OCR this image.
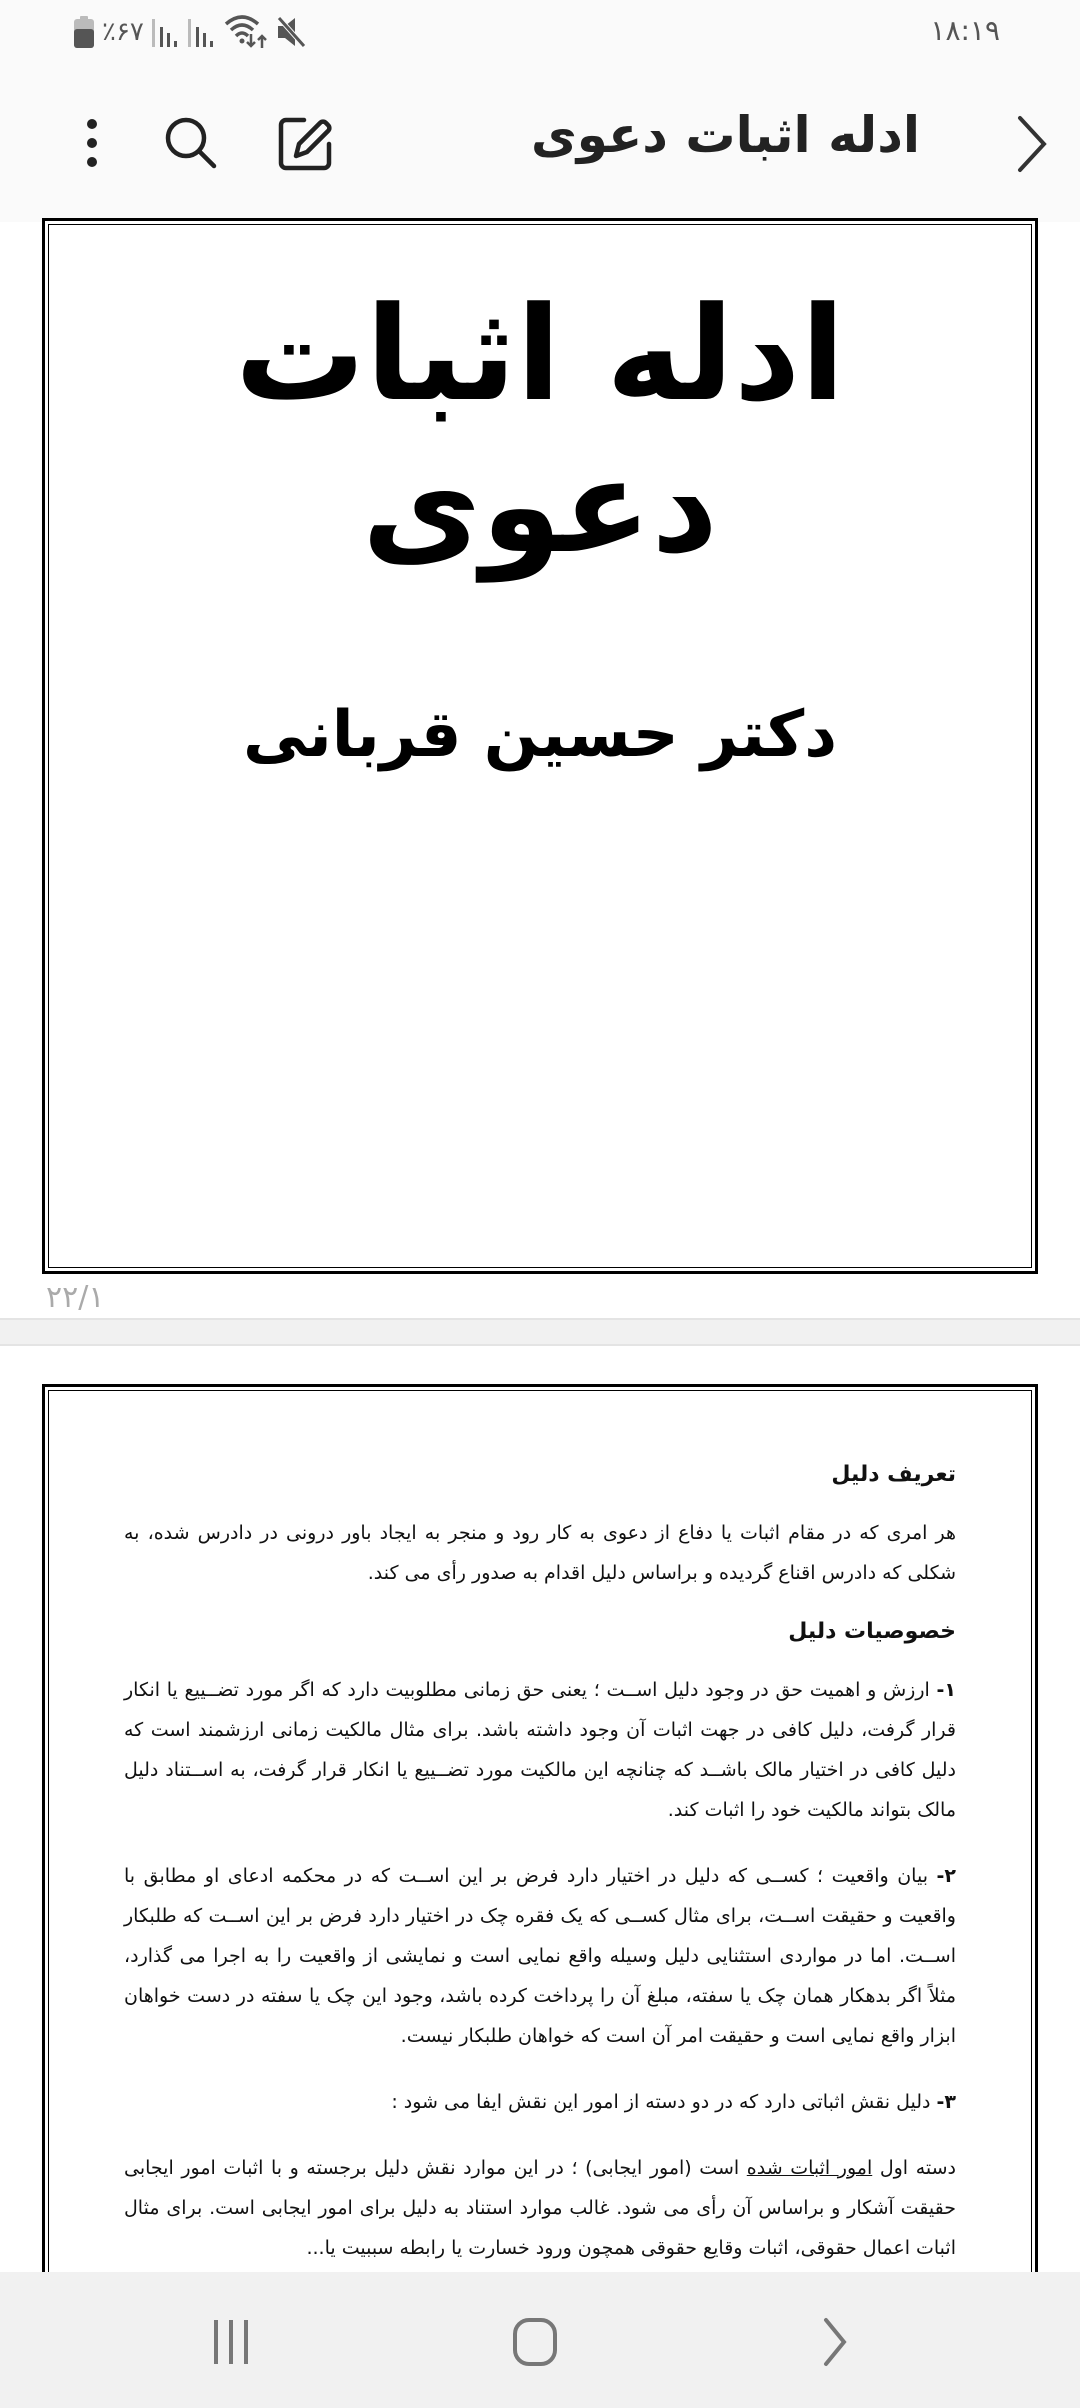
٪۶۷	۱۸:۱۹
ادله اثبات دعوی
ادله اثبات دعوی
دکتر حسین قربانی
۲۲/۱
تعریف دلیل

هر امری که در مقام اثبات یا دفاع از دعوی به کار رود و منجر به ایجاد باور درونی در دادرس شده، به شکلی که دادرس اقناع گردیده و براساس دلیل اقدام به صدور رأی می کند.

خصوصیات دلیل

۱- ارزش و اهمیت حق در وجود دلیل اســت ؛ یعنی حق زمانی مطلوبیت دارد که اگر مورد تضــییع یا انکار قرار گرفت، دلیل کافی در جهت اثبات آن وجود داشته باشد. برای مثال مالکیت زمانی ارزشمند است که دلیل کافی در اختیار مالک باشــد که چنانچه این مالکیت مورد تضــییع یا انکار قرار گرفت، به اســتناد دلیل مالک بتواند مالکیت خود را اثبات کند.

۲- بیان واقعیت ؛ کســی که دلیل در اختیار دارد فرض بر این اســت که در محکمه ادعای او مطابق با واقعیت و حقیقت اســت، برای مثال کســی که یک فقره چک در اختیار دارد فرض بر این اســت که طلبکار اســت. اما در مواردی استثنایی دلیل وسیله واقع نمایی است و نمایشی از واقعیت را به اجرا می گذارد، مثلاً اگر بدهکار همان چک یا سفته، مبلغ آن را پرداخت کرده باشد، وجود این چک یا سفته در دست خواهان ابزار واقع نمایی است و حقیقت امر آن است که خواهان طلبکار نیست.

۳- دلیل نقش اثباتی دارد که در دو دسته از امور این نقش ایفا می شود :

دسته اول امور اثبات شده است (امور ایجابی) ؛ در این موارد نقش دلیل برجسته و با اثبات امور ایجابی حقیقت آشکار و براساس آن رأی می شود. غالب موارد استناد به دلیل برای امور ایجابی است. برای مثال اثبات اعمال حقوقی، اثبات وقایع حقوقی همچون ورود خسارت یا رابطه سببیت یا...
